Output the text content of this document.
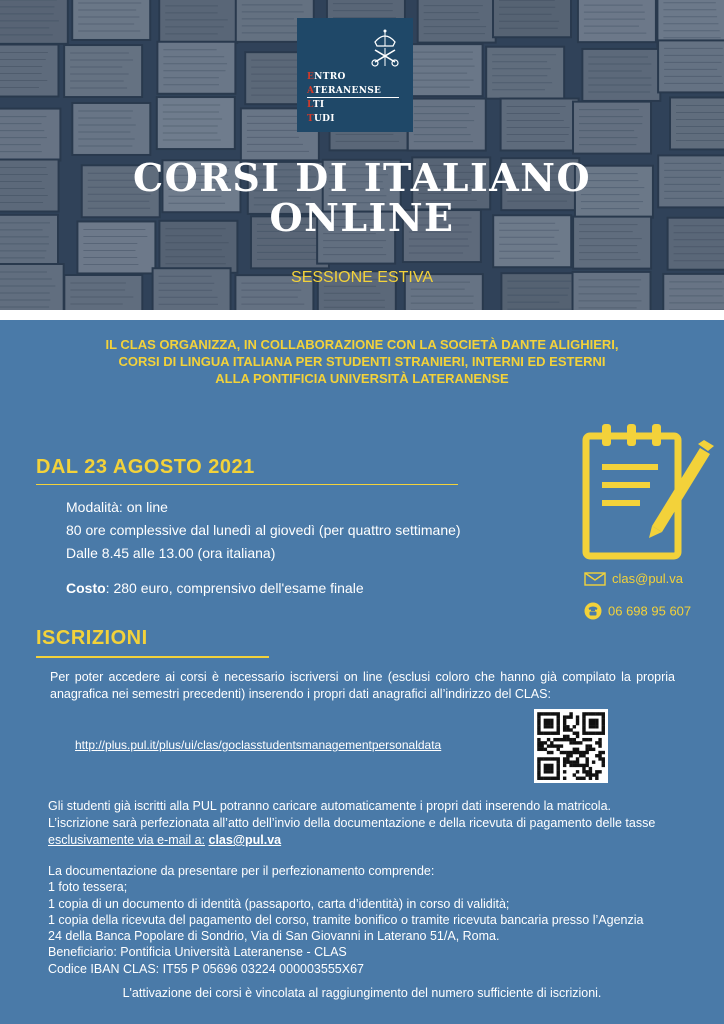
ENTRO
ATERANENSE
LTI
TUDI
CORSI DI ITALIANO
ONLINE
SESSIONE ESTIVA
IL CLAS ORGANIZZA, IN COLLABORAZIONE CON LA SOCIETÀ DANTE ALIGHIERI,
CORSI DI LINGUA ITALIANA PER STUDENTI STRANIERI, INTERNI ED ESTERNI
ALLA PONTIFICIA UNIVERSITÀ LATERANENSE
DAL 23 AGOSTO 2021
Modalità: on line
80 ore complessive dal lunedì al giovedì (per quattro settimane)
Dalle 8.45 alle 13.00 (ora italiana)
Costo: 280 euro, comprensivo dell'esame finale
clas@pul.va
06 698 95 607
ISCRIZIONI
Per poter accedere ai corsi è necessario iscriversi on line (esclusi coloro che hanno già compilato la propria anagrafica nei semestri precedenti) inserendo i propri dati anagrafici all’indirizzo del CLAS:
http://plus.pul.it/plus/ui/clas/goclasstudentsmanagementpersonaldata
Gli studenti già iscritti alla PUL potranno caricare automaticamente i propri dati inserendo la matricola.
L’iscrizione sarà perfezionata all’atto dell’invio della documentazione e della ricevuta di pagamento delle tasse esclusivamente via e-mail a: clas@pul.va
La documentazione da presentare per il perfezionamento comprende:
1 foto tessera;
1 copia di un documento di identità (passaporto, carta d’identità) in corso di validità;
1 copia della ricevuta del pagamento del corso, tramite bonifico o tramite ricevuta bancaria presso l’Agenzia
24 della Banca Popolare di Sondrio, Via di San Giovanni in Laterano 51/A, Roma.
Beneficiario: Pontificia Università Lateranense - CLAS
Codice IBAN CLAS: IT55 P 05696 03224 000003555X67
L'attivazione dei corsi è vincolata al raggiungimento del numero sufficiente di iscrizioni.
